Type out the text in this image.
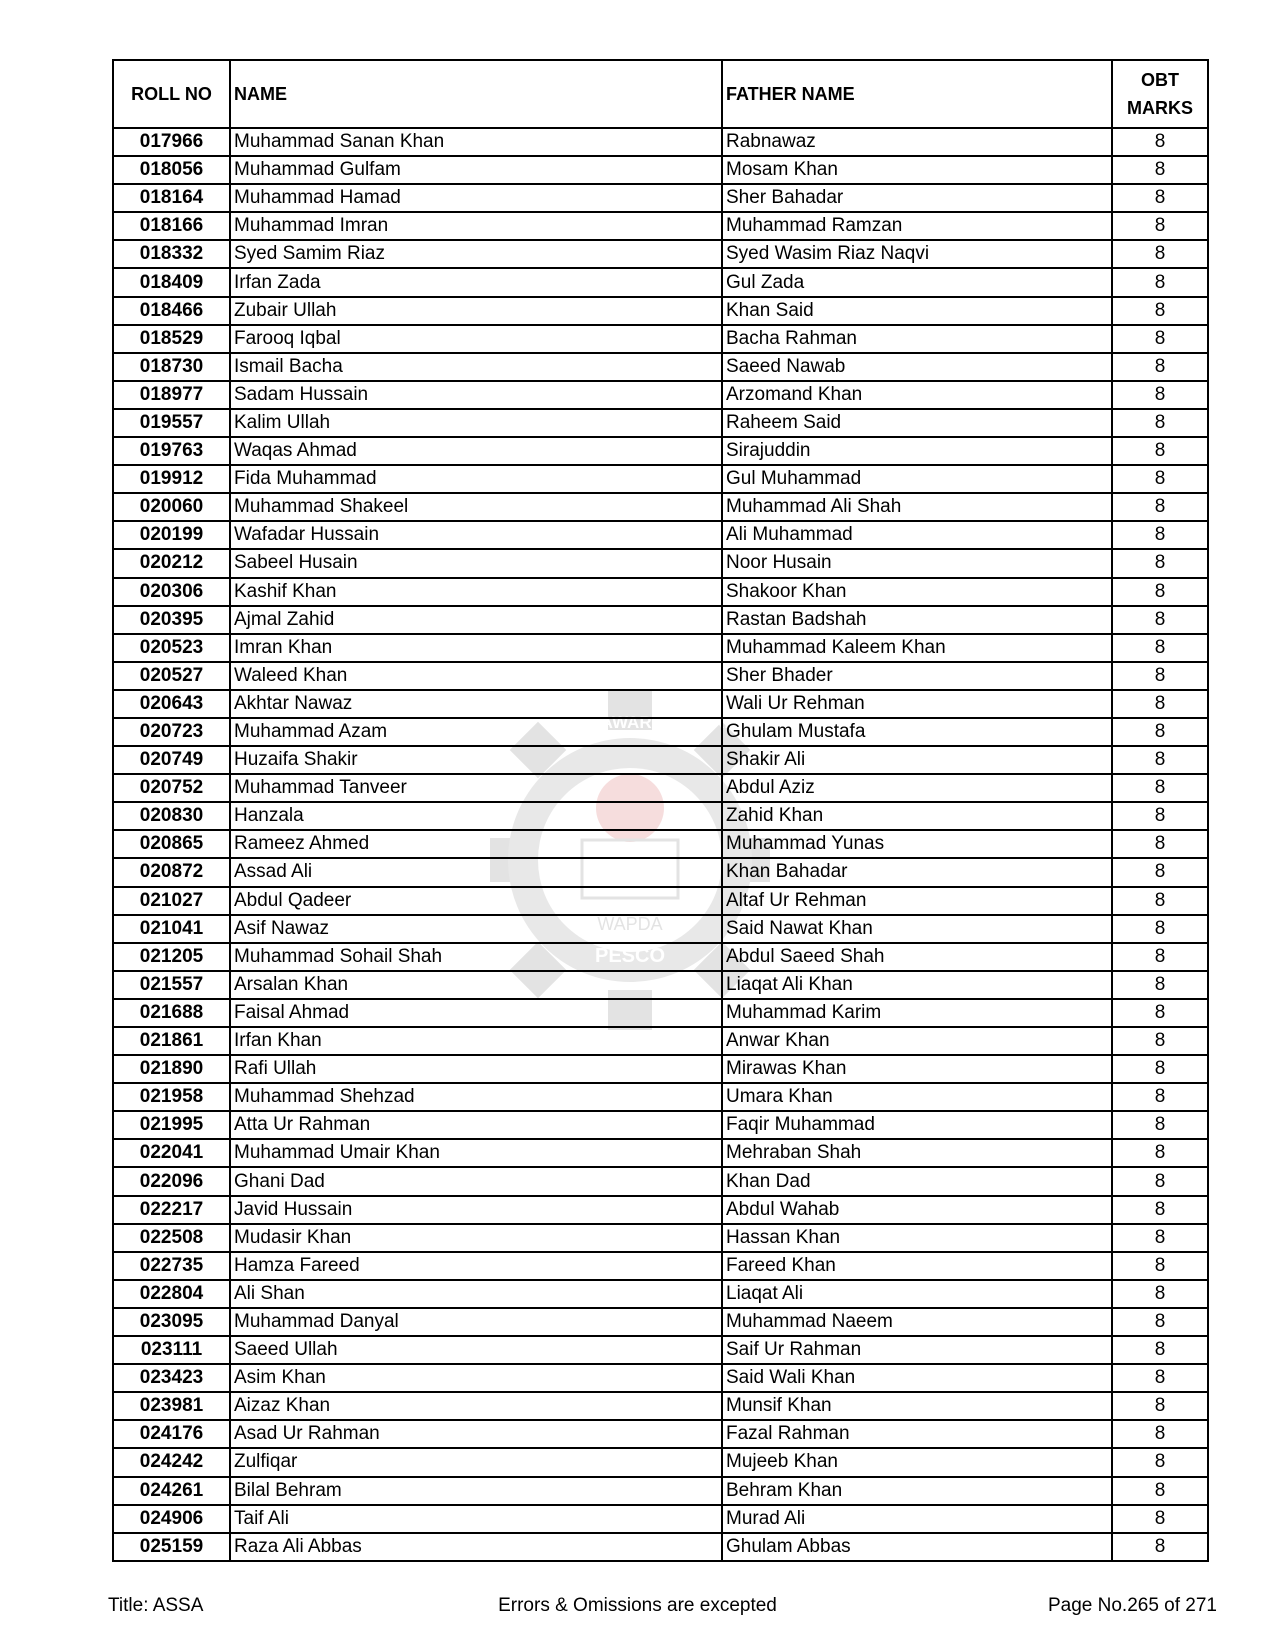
PESHAWAR ELECTRIC SU
WAPDA
PESCO
ROLL NO	NAME	FATHER NAME	OBT
MARKS
017966	Muhammad Sanan Khan	Rabnawaz	8
018056	Muhammad Gulfam	Mosam Khan	8
018164	Muhammad Hamad	Sher Bahadar	8
018166	Muhammad Imran	Muhammad Ramzan	8
018332	Syed Samim Riaz	Syed Wasim Riaz Naqvi	8
018409	Irfan Zada	Gul Zada	8
018466	Zubair Ullah	Khan Said	8
018529	Farooq Iqbal	Bacha Rahman	8
018730	Ismail Bacha	Saeed Nawab	8
018977	Sadam Hussain	Arzomand Khan	8
019557	Kalim Ullah	Raheem Said	8
019763	Waqas Ahmad	Sirajuddin	8
019912	Fida Muhammad	Gul Muhammad	8
020060	Muhammad Shakeel	Muhammad Ali Shah	8
020199	Wafadar Hussain	Ali Muhammad	8
020212	Sabeel Husain	Noor Husain	8
020306	Kashif Khan	Shakoor Khan	8
020395	Ajmal Zahid	Rastan Badshah	8
020523	Imran Khan	Muhammad Kaleem Khan	8
020527	Waleed Khan	Sher Bhader	8
020643	Akhtar Nawaz	Wali Ur Rehman	8
020723	Muhammad Azam	Ghulam Mustafa	8
020749	Huzaifa Shakir	Shakir Ali	8
020752	Muhammad Tanveer	Abdul Aziz	8
020830	Hanzala	Zahid Khan	8
020865	Rameez Ahmed	Muhammad Yunas	8
020872	Assad Ali	Khan Bahadar	8
021027	Abdul Qadeer	Altaf Ur Rehman	8
021041	Asif Nawaz	Said Nawat Khan	8
021205	Muhammad Sohail Shah	Abdul Saeed Shah	8
021557	Arsalan Khan	Liaqat Ali Khan	8
021688	Faisal Ahmad	Muhammad Karim	8
021861	Irfan Khan	Anwar Khan	8
021890	Rafi Ullah	Mirawas Khan	8
021958	Muhammad Shehzad	Umara Khan	8
021995	Atta Ur Rahman	Faqir Muhammad	8
022041	Muhammad Umair Khan	Mehraban Shah	8
022096	Ghani Dad	Khan Dad	8
022217	Javid Hussain	Abdul Wahab	8
022508	Mudasir Khan	Hassan Khan	8
022735	Hamza Fareed	Fareed Khan	8
022804	Ali Shan	Liaqat Ali	8
023095	Muhammad Danyal	Muhammad Naeem	8
023111	Saeed Ullah	Saif Ur Rahman	8
023423	Asim Khan	Said Wali Khan	8
023981	Aizaz Khan	Munsif Khan	8
024176	Asad Ur Rahman	Fazal Rahman	8
024242	Zulfiqar	Mujeeb Khan	8
024261	Bilal Behram	Behram Khan	8
024906	Taif Ali	Murad Ali	8
025159	Raza Ali Abbas	Ghulam Abbas	8
Title: ASSA	Errors & Omissions are excepted	Page No.265 of 271
